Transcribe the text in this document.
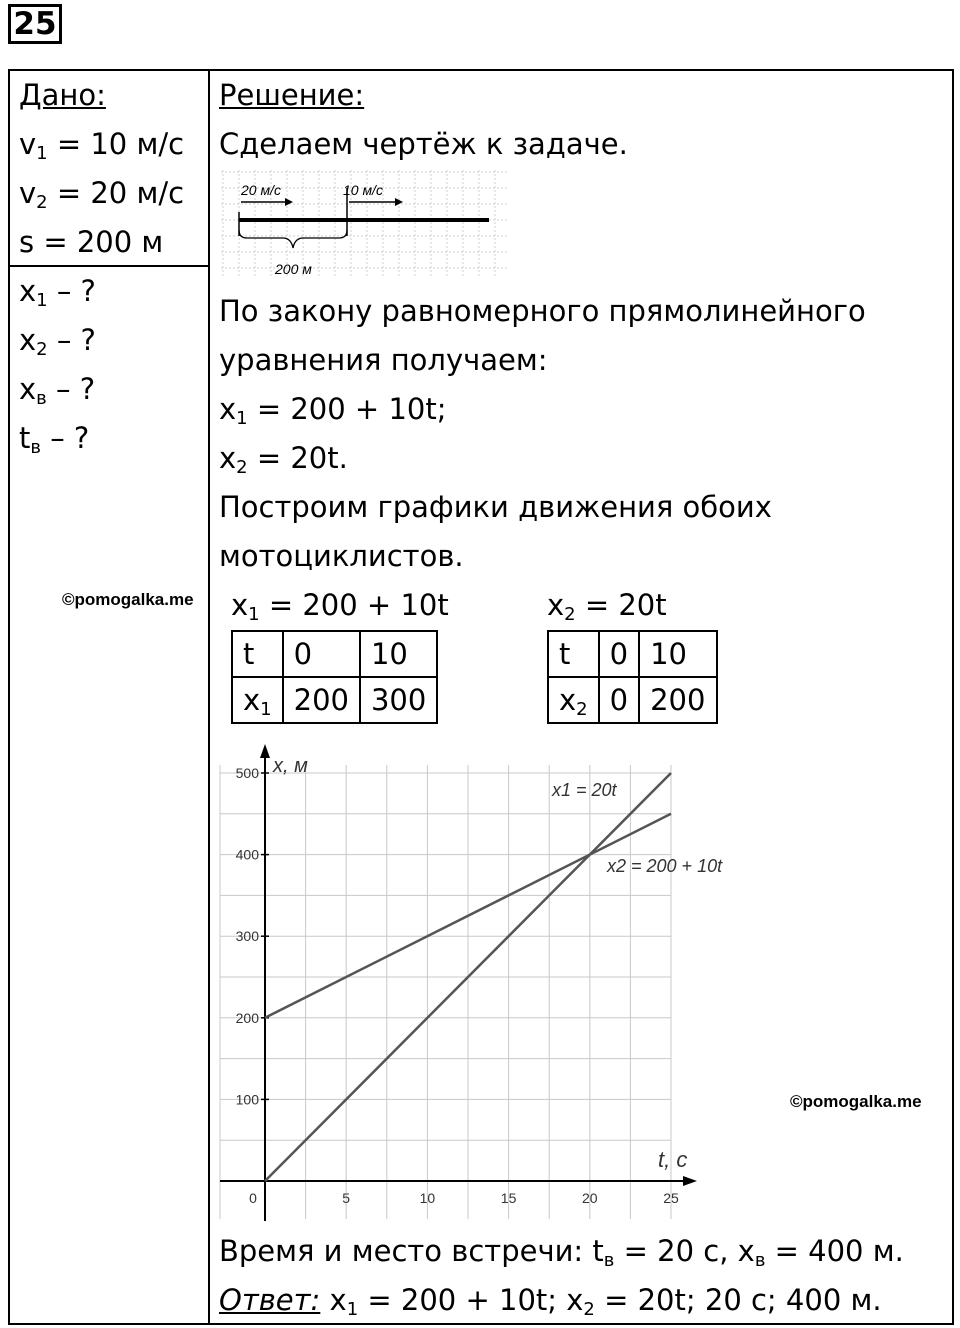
25
Дано:
$v_1 = 10$ м/с
$v_2 = 20$ м/с
s = 200 м
$x_1$ – ?
$x_2$ – ?
$x_в$ – ?
$t_в$ – ?
©pomogalka.me
Решение:
Сделаем чертёж к задаче.
20 м/с	10 м/с
200 м
По закону равномерного прямолинейного
уравнения получаем:
$x_1 = 200 + 10t$;
$x_2 = 20t$.
Построим графики движения обоих
мотоциклистов.
$x_1 = 200 + 10t$
t	0	10
$x_1$	200	300
$x_2 = 20t$
t	0	10
$x_2$	0	200
0	5	10	15	20	25
100
200
300
400
500
x1 = 20t
x2 = 200 + 10t
x, м
t, с
©pomogalka.me
Время и место встречи: $t_в = 20$ с, $x_в = 400$ м.
Ответ: $x_1 = 200 + 10t$; $x_2 = 20t$; 20 с; 400 м.
